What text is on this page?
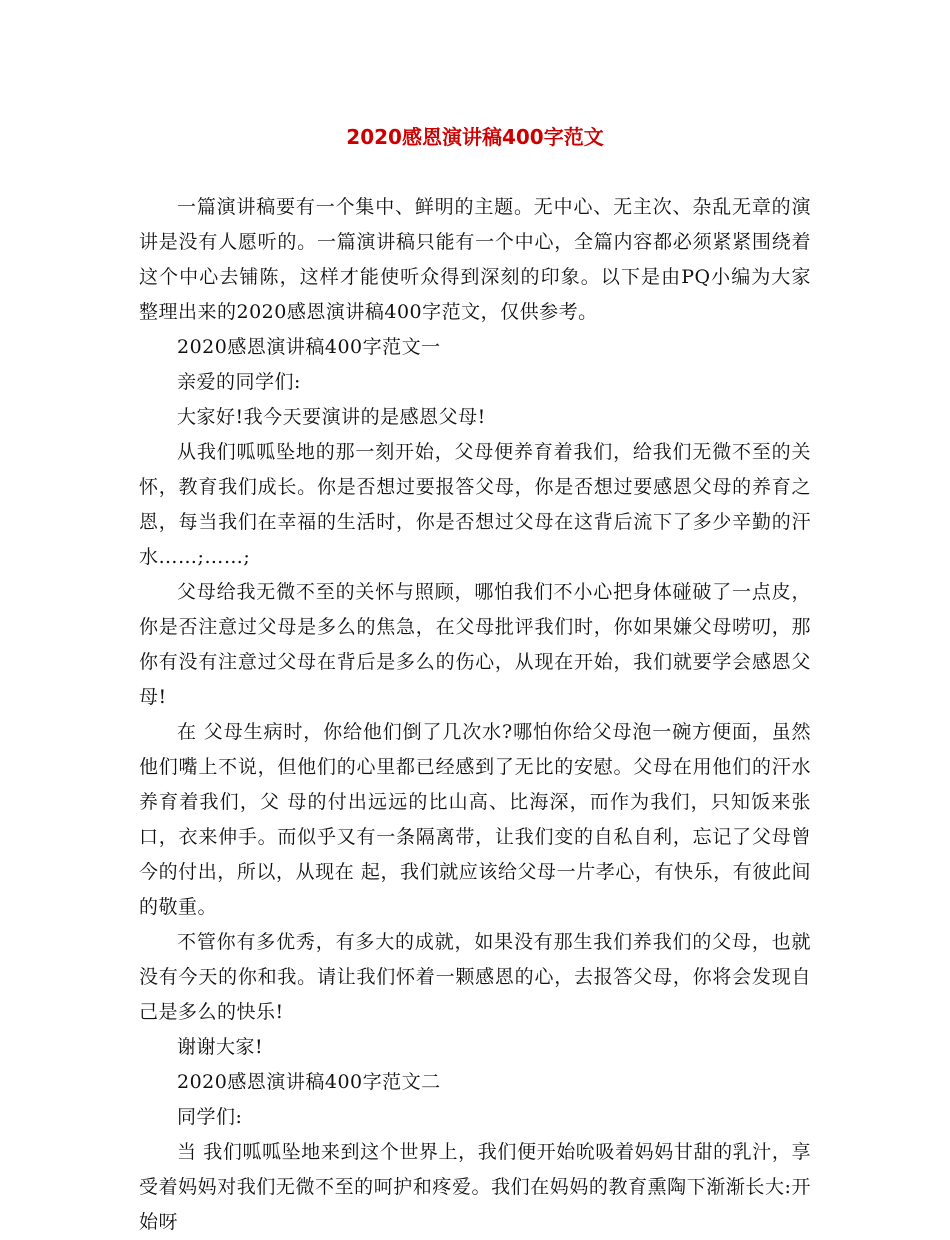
2020感恩演讲稿400字范文

一篇演讲稿要有一个集中、鲜明的主题。无中心、无主次、杂乱无章的演讲是没有人愿听的。一篇演讲稿只能有一个中心，全篇内容都必须紧紧围绕着这个中心去铺陈，这样才能使听众得到深刻的印象。以下是由PQ小编为大家整理出来的2020感恩演讲稿400字范文，仅供参考。

2020感恩演讲稿400字范文一

亲爱的同学们:

大家好!我今天要演讲的是感恩父母!

从我们呱呱坠地的那一刻开始，父母便养育着我们，给我们无微不至的关怀，教育我们成长。你是否想过要报答父母，你是否想过要感恩父母的养育之恩，每当我们在幸福的生活时，你是否想过父母在这背后流下了多少辛勤的汗水……;……;

父母给我无微不至的关怀与照顾，哪怕我们不小心把身体碰破了一点皮，你是否注意过父母是多么的焦急，在父母批评我们时，你如果嫌父母唠叨，那你有没有注意过父母在背后是多么的伤心，从现在开始，我们就要学会感恩父母!

在 父母生病时，你给他们倒了几次水?哪怕你给父母泡一碗方便面，虽然他们嘴上不说，但他们的心里都已经感到了无比的安慰。父母在用他们的汗水养育着我们，父 母的付出远远的比山高、比海深，而作为我们，只知饭来张口，衣来伸手。而似乎又有一条隔离带，让我们变的自私自利，忘记了父母曾今的付出，所以，从现在 起，我们就应该给父母一片孝心，有快乐，有彼此间的敬重。

不管你有多优秀，有多大的成就，如果没有那生我们养我们的父母，也就没有今天的你和我。请让我们怀着一颗感恩的心，去报答父母，你将会发现自己是多么的快乐!

谢谢大家!

2020感恩演讲稿400字范文二

同学们:

当 我们呱呱坠地来到这个世界上，我们便开始吮吸着妈妈甘甜的乳汁，享受着妈妈对我们无微不至的呵护和疼爱。我们在妈妈的教育熏陶下渐渐长大:开始呀
